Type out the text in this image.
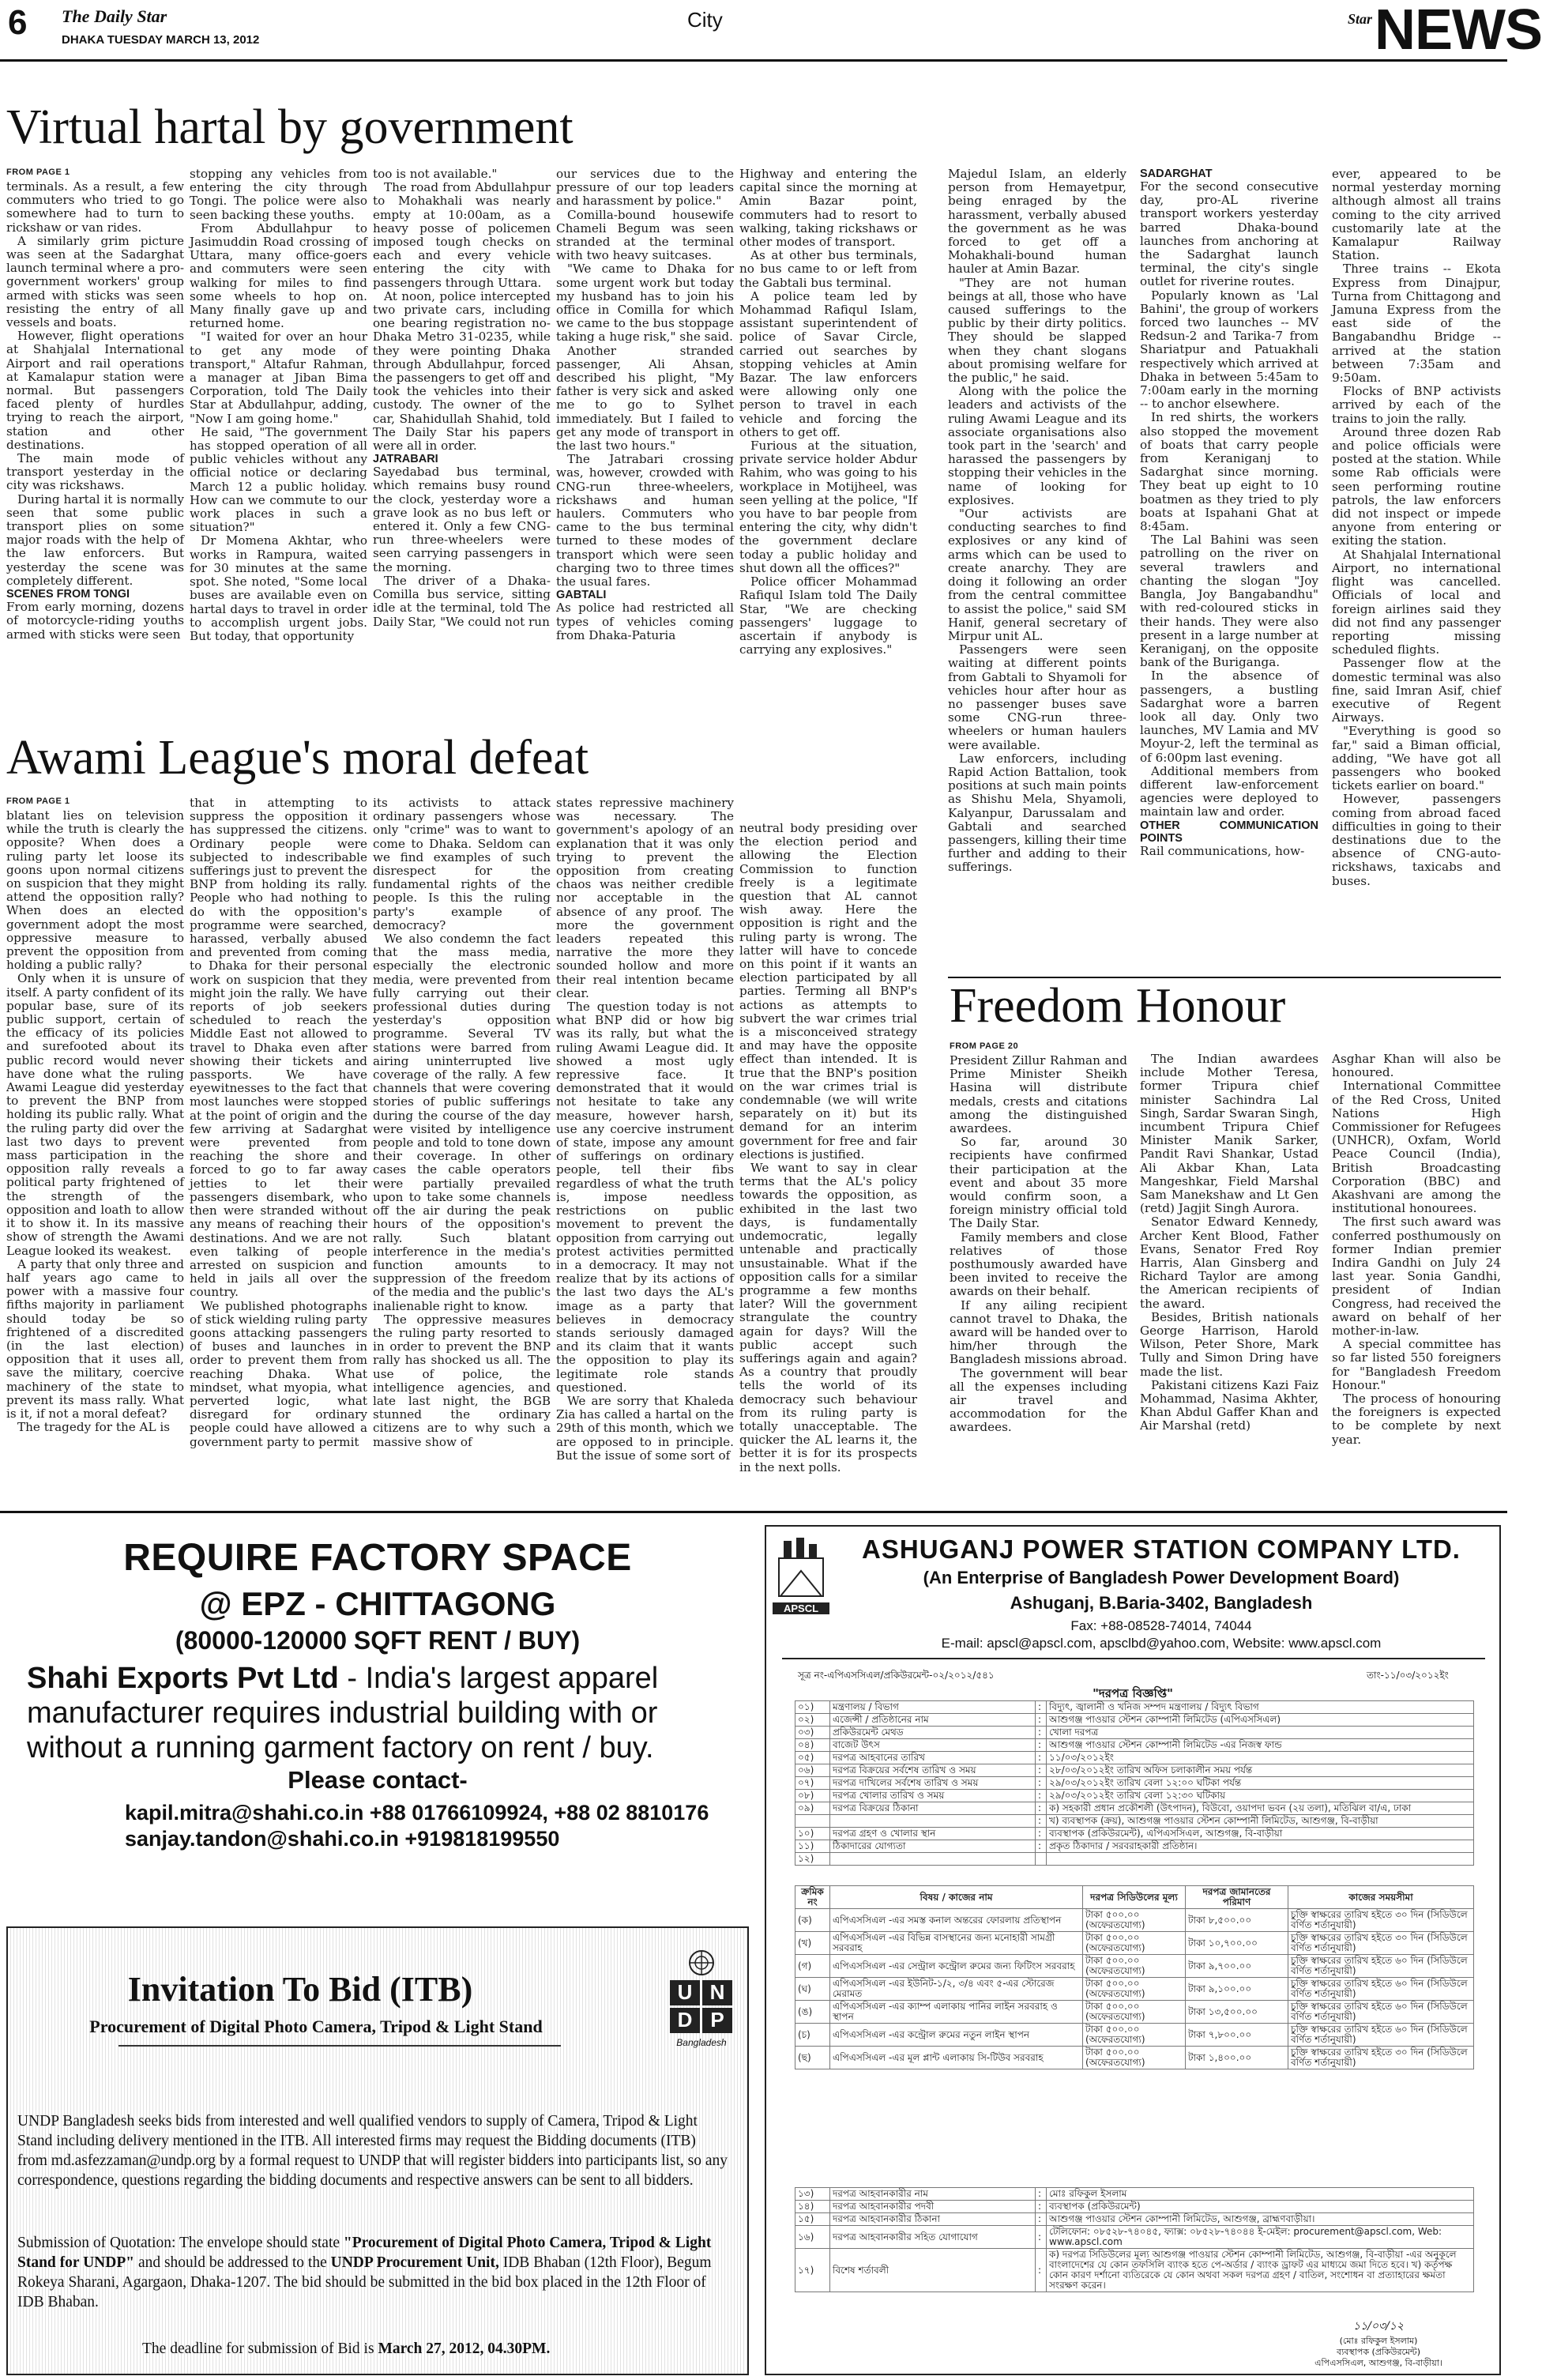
6 The Daily Star
DHAKA TUESDAY MARCH 13, 2012
City	Star NEWS
Virtual hartal by government
FROM PAGE 1

terminals. As a result, a few commuters who tried to go somewhere had to turn to rickshaw or van rides.

A similarly grim picture was seen at the Sadarghat launch terminal where a pro-government workers' group armed with sticks was seen resisting the entry of all vessels and boats.

However, flight operations at Shahjalal International Airport and rail operations at Kamalapur station were normal. But passengers faced plenty of hurdles trying to reach the airport, station and other destinations.

The main mode of transport yesterday in the city was rickshaws.

During hartal it is normally seen that some public transport plies on some major roads with the help of the law enforcers. But yesterday the scene was completely different.

SCENES FROM TONGI

From early morning, dozens of motorcycle-riding youths armed with sticks were seen

stopping any vehicles from entering the city through Tongi. The police were also seen backing these youths.

From Abdullahpur to Jasimuddin Road crossing of Uttara, many office-goers and commuters were seen walking for miles to find some wheels to hop on. Many finally gave up and returned home.

"I waited for over an hour to get any mode of transport," Altafur Rahman, a manager at Jiban Bima Corporation, told The Daily Star at Abdullahpur, adding, "Now I am going home."

He said, "The government has stopped operation of all public vehicles without any official notice or declaring March 12 a public holiday. How can we commute to our work places in such a situation?"

Dr Momena Akhtar, who works in Rampura, waited for 30 minutes at the same spot. She noted, "Some local buses are available even on hartal days to travel in order to accomplish urgent jobs. But today, that opportunity

too is not available."

The road from Abdullahpur to Mohakhali was nearly empty at 10:00am, as a heavy posse of policemen imposed tough checks on each and every vehicle entering the city with passengers through Uttara.

At noon, police intercepted two private cars, including one bearing registration no-Dhaka Metro 31-0235, while they were pointing Dhaka through Abdullahpur, forced the passengers to get off and took the vehicles into their custody. The owner of the car, Shahidullah Shahid, told The Daily Star his papers were all in order.

JATRABARI

Sayedabad bus terminal, which remains busy round the clock, yesterday wore a grave look as no bus left or entered it. Only a few CNG-run three-wheelers were seen carrying passengers in the morning.

The driver of a Dhaka-Comilla bus service, sitting idle at the terminal, told The Daily Star, "We could not run

our services due to the pressure of our top leaders and harassment by police."

Comilla-bound housewife Chameli Begum was seen stranded at the terminal with two heavy suitcases.

"We came to Dhaka for some urgent work but today my husband has to join his office in Comilla for which we came to the bus stoppage taking a huge risk," she said.

Another stranded passenger, Ali Ahsan, described his plight, "My father is very sick and asked me to go to Sylhet immediately. But I failed to get any mode of transport in the last two hours."

The Jatrabari crossing was, however, crowded with CNG-run three-wheelers, rickshaws and human haulers. Commuters who came to the bus terminal turned to these modes of transport which were seen charging two to three times the usual fares.

GABTALI

As police had restricted all types of vehicles coming from Dhaka-Paturia

Highway and entering the capital since the morning at Amin Bazar point, commuters had to resort to walking, taking rickshaws or other modes of transport.

As at other bus terminals, no bus came to or left from the Gabtali bus terminal.

A police team led by Mohammad Rafiqul Islam, assistant superintendent of police of Savar Circle, carried out searches by stopping vehicles at Amin Bazar. The law enforcers were allowing only one person to travel in each vehicle and forcing the others to get off.

Furious at the situation, private service holder Abdur Rahim, who was going to his workplace in Motijheel, was seen yelling at the police, "If you have to bar people from entering the city, why didn't the government declare today a public holiday and shut down all the offices?"

Police officer Mohammad Rafiqul Islam told The Daily Star, "We are checking passengers' luggage to ascertain if anybody is carrying any explosives."

Majedul Islam, an elderly person from Hemayetpur, being enraged by the harassment, verbally abused the government as he was forced to get off a Mohakhali-bound human hauler at Amin Bazar.

"They are not human beings at all, those who have caused sufferings to the public by their dirty politics. They should be slapped when they chant slogans about promising welfare for the public," he said.

Along with the police the leaders and activists of the ruling Awami League and its associate organisations also took part in the 'search' and harassed the passengers by stopping their vehicles in the name of looking for explosives.

"Our activists are conducting searches to find explosives or any kind of arms which can be used to create anarchy. They are doing it following an order from the central committee to assist the police," said SM Hanif, general secretary of Mirpur unit AL.

Passengers were seen waiting at different points from Gabtali to Shyamoli for vehicles hour after hour as no passenger buses save some CNG-run three-wheelers or human haulers were available.

Law enforcers, including Rapid Action Battalion, took positions at such main points as Shishu Mela, Shyamoli, Kalyanpur, Darussalam and Gabtali and searched passengers, killing their time further and adding to their sufferings.

SADARGHAT

For the second consecutive day, pro-AL riverine transport workers yesterday barred Dhaka-bound launches from anchoring at the Sadarghat launch terminal, the city's single outlet for riverine routes.

Popularly known as 'Lal Bahini', the group of workers forced two launches -- MV Redsun-2 and Tarika-7 from Shariatpur and Patuakhali respectively which arrived at Dhaka in between 5:45am to 7:00am early in the morning -- to anchor elsewhere.

In red shirts, the workers also stopped the movement of boats that carry people from Keraniganj to Sadarghat since morning. They beat up eight to 10 boatmen as they tried to ply boats at Ispahani Ghat at 8:45am.

The Lal Bahini was seen patrolling on the river on several trawlers and chanting the slogan "Joy Bangla, Joy Bangabandhu" with red-coloured sticks in their hands. They were also present in a large number at Keraniganj, on the opposite bank of the Buriganga.

In the absence of passengers, a bustling Sadarghat wore a barren look all day. Only two launches, MV Lamia and MV Moyur-2, left the terminal as of 6:00pm last evening.

Additional members from different law-enforcement agencies were deployed to maintain law and order.

OTHER COMMUNICATION POINTS

Rail communications, how-

ever, appeared to be normal yesterday morning although almost all trains coming to the city arrived customarily late at the Kamalapur Railway Station.

Three trains -- Ekota Express from Dinajpur, Turna from Chittagong and Jamuna Express from the east side of the Bangabandhu Bridge -- arrived at the station between 7:35am and 9:50am.

Flocks of BNP activists arrived by each of the trains to join the rally.

Around three dozen Rab and police officials were posted at the station. While some Rab officials were seen performing routine patrols, the law enforcers did not inspect or impede anyone from entering or exiting the station.

At Shahjalal International Airport, no international flight was cancelled. Officials of local and foreign airlines said they did not find any passenger reporting missing scheduled flights.

Passenger flow at the domestic terminal was also fine, said Imran Asif, chief executive of Regent Airways.

"Everything is good so far," said a Biman official, adding, "We have got all passengers who booked tickets earlier on board."

However, passengers coming from abroad faced difficulties in going to their destinations due to the absence of CNG-auto-rickshaws, taxicabs and buses.

Awami League's moral defeat
FROM PAGE 1

blatant lies on television while the truth is clearly the opposite? When does a ruling party let loose its goons upon normal citizens on suspicion that they might attend the opposition rally? When does an elected government adopt the most oppressive measure to prevent the opposition from holding a public rally?

Only when it is unsure of itself. A party confident of its popular base, sure of its public support, certain of the efficacy of its policies and surefooted about its public record would never have done what the ruling Awami League did yesterday to prevent the BNP from holding its public rally. What the ruling party did over the last two days to prevent mass participation in the opposition rally reveals a political party frightened of the strength of the opposition and loath to allow it to show it. In its massive show of strength the Awami League looked its weakest.

A party that only three and half years ago came to power with a massive four fifths majority in parliament should today be so frightened of a discredited (in the last election) opposition that it uses all, save the military, coercive machinery of the state to prevent its mass rally. What is it, if not a moral defeat?

The tragedy for the AL is

that in attempting to suppress the opposition it has suppressed the citizens. Ordinary people were subjected to indescribable sufferings just to prevent the BNP from holding its rally. People who had nothing to do with the opposition's programme were searched, harassed, verbally abused and prevented from coming to Dhaka for their personal work on suspicion that they might join the rally. We have reports of job seekers scheduled to reach the Middle East not allowed to travel to Dhaka even after showing their tickets and passports. We have eyewitnesses to the fact that most launches were stopped at the point of origin and the few arriving at Sadarghat were prevented from reaching the shore and forced to go to far away jetties to let their passengers disembark, who then were stranded without any means of reaching their destinations. And we are not even talking of people arrested on suspicion and held in jails all over the country.

We published photographs of stick wielding ruling party goons attacking passengers of buses and launches in order to prevent them from reaching Dhaka. What mindset, what myopia, what perverted logic, what disregard for ordinary people could have allowed a government party to permit

its activists to attack ordinary passengers whose only "crime" was to want to come to Dhaka. Seldom can we find examples of such disrespect for the fundamental rights of the people. Is this the ruling party's example of democracy?

We also condemn the fact that the mass media, especially the electronic media, were prevented from fully carrying out their professional duties during yesterday's opposition programme. Several TV stations were barred from airing uninterrupted live coverage of the rally. A few channels that were covering stories of public sufferings during the course of the day were visited by intelligence people and told to tone down their coverage. In other cases the cable operators were partially prevailed upon to take some channels off the air during the peak hours of the opposition's rally. Such blatant interference in the media's function amounts to suppression of the freedom of the media and the public's inalienable right to know.

The oppressive measures the ruling party resorted to in order to prevent the BNP rally has shocked us all. The use of police, the intelligence agencies, and late last night, the BGB stunned the ordinary citizens are to why such a massive show of

states repressive machinery was necessary. The government's apology of an explanation that it was only trying to prevent the opposition from creating chaos was neither credible nor acceptable in the absence of any proof. The more the government leaders repeated this narrative the more they sounded hollow and more their real intention became clear.

The question today is not what BNP did or how big was its rally, but what the ruling Awami League did. It showed a most ugly repressive face. It demonstrated that it would not hesitate to take any measure, however harsh, use any coercive instrument of state, impose any amount of sufferings on ordinary people, tell their fibs regardless of what the truth is, impose needless restrictions on public movement to prevent the opposition from carrying out protest activities permitted in a democracy. It may not realize that by its actions of the last two days the AL's image as a party that believes in democracy stands seriously damaged and its claim that it wants the opposition to play its legitimate role stands questioned.

We are sorry that Khaleda Zia has called a hartal on the 29th of this month, which we are opposed to in principle. But the issue of some sort of

neutral body presiding over the election period and allowing the Election Commission to function freely is a legitimate question that AL cannot wish away. Here the opposition is right and the ruling party is wrong. The latter will have to concede on this point if it wants an election participated by all parties. Terming all BNP's actions as attempts to subvert the war crimes trial is a misconceived strategy and may have the opposite effect than intended. It is true that the BNP's position on the war crimes trial is condemnable (we will write separately on it) but its demand for an interim government for free and fair elections is justified.

We want to say in clear terms that the AL's policy towards the opposition, as exhibited in the last two days, is fundamentally undemocratic, legally untenable and practically unsustainable. What if the opposition calls for a similar programme a few months later? Will the government strangulate the country again for days? Will the public accept such sufferings again and again? As a country that proudly tells the world of its democracy such behaviour from its ruling party is totally unacceptable. The quicker the AL learns it, the better it is for its prospects in the next polls.

Freedom Honour
FROM PAGE 20

President Zillur Rahman and Prime Minister Sheikh Hasina will distribute medals, crests and citations among the distinguished awardees.

So far, around 30 recipients have confirmed their participation at the event and about 35 more would confirm soon, a foreign ministry official told The Daily Star.

Family members and close relatives of those posthumously awarded have been invited to receive the awards on their behalf.

If any ailing recipient cannot travel to Dhaka, the award will be handed over to him/her through the Bangladesh missions abroad.

The government will bear all the expenses including air travel and accommodation for the awardees.

The Indian awardees include Mother Teresa, former Tripura chief minister Sachindra Lal Singh, Sardar Swaran Singh, incumbent Tripura Chief Minister Manik Sarker, Pandit Ravi Shankar, Ustad Ali Akbar Khan, Lata Mangeshkar, Field Marshal Sam Manekshaw and Lt Gen (retd) Jagjit Singh Aurora.

Senator Edward Kennedy, Archer Kent Blood, Father Evans, Senator Fred Roy Harris, Alan Ginsberg and Richard Taylor are among the American recipients of the award.

Besides, British nationals George Harrison, Harold Wilson, Peter Shore, Mark Tully and Simon Dring have made the list.

Pakistani citizens Kazi Faiz Mohammad, Nasima Akhter, Khan Abdul Gaffer Khan and Air Marshal (retd)

Asghar Khan will also be honoured.

International Committee of the Red Cross, United Nations High Commissioner for Refugees (UNHCR), Oxfam, World Peace Council (India), British Broadcasting Corporation (BBC) and Akashvani are among the institutional honourees.

The first such award was conferred posthumously on former Indian premier Indira Gandhi on July 24 last year. Sonia Gandhi, president of Indian Congress, had received the award on behalf of her mother-in-law.

A special committee has so far listed 550 foreigners for "Bangladesh Freedom Honour."

The process of honouring the foreigners is expected to be complete by next year.

REQUIRE FACTORY SPACE
@ EPZ - CHITTAGONG
(80000-120000 SQFT RENT / BUY)
Shahi Exports Pvt Ltd - India's largest apparel manufacturer requires industrial building with or without a running garment factory on rent / buy.
Please contact-
kapil.mitra@shahi.co.in +88 01766109924, +88 02 8810176
sanjay.tandon@shahi.co.in +919818199550
Invitation To Bid (ITB)
Procurement of Digital Photo Camera, Tripod & Light Stand
U N
D P
Bangladesh
UNDP Bangladesh seeks bids from interested and well qualified vendors to supply of Camera, Tripod & Light Stand including delivery mentioned in the ITB. All interested firms may request the Bidding documents (ITB) from md.asfezzaman@undp.org by a formal request to UNDP that will register bidders into participants list, so any correspondence, questions regarding the bidding documents and respective answers can be sent to all bidders.
Submission of Quotation: The envelope should state "Procurement of Digital Photo Camera, Tripod & Light Stand for UNDP" and should be addressed to the UNDP Procurement Unit, IDB Bhaban (12th Floor), Begum Rokeya Sharani, Agargaon, Dhaka-1207. The bid should be submitted in the bid box placed in the 12th Floor of IDB Bhaban.
The deadline for submission of Bid is March 27, 2012, 04.30PM.
APSCL
ASHUGANJ POWER STATION COMPANY LTD.
(An Enterprise of Bangladesh Power Development Board)
Ashuganj, B.Baria-3402, Bangladesh
Fax: +88-08528-74014, 74044
E-mail: apscl@apscl.com, apsclbd@yahoo.com, Website: www.apscl.com
সূত্র নং-এপিএসসিএল/প্রকিউরমেন্ট-০২/২০১২/৫৪১	তাং-১১/০৩/২০১২ইং
"দরপত্র বিজ্ঞপ্তি"
০১)	মন্ত্রণালয় / বিভাগ	:	বিদ্যুৎ, জ্বালানী ও খনিজ সম্পদ মন্ত্রণালয় / বিদ্যুৎ বিভাগ
০২)	এজেন্সী / প্রতিষ্ঠানের নাম	:	আশুগঞ্জ পাওয়ার স্টেশন কোম্পানী লিমিটেড (এপিএসসিএল)
০৩)	প্রকিউরমেন্ট মেথড	:	খোলা দরপত্র
০৪)	বাজেট উৎস	:	আশুগঞ্জ পাওয়ার স্টেশন কোম্পানী লিমিটেড -এর নিজস্ব ফান্ড
০৫)	দরপত্র আহবানের তারিখ	:	১১/০৩/২০১২ইং
০৬)	দরপত্র বিক্রয়ের সর্বশেষ তারিখ ও সময়	:	২৮/০৩/২০১২ইং তারিখ অফিস চলাকালীন সময় পর্যন্ত
০৭)	দরপত্র দাখিলের সর্বশেষ তারিখ ও সময়	:	২৯/০৩/২০১২ইং তারিখ বেলা ১২:০০ ঘটিকা পর্যন্ত
০৮)	দরপত্র খোলার তারিখ ও সময়	:	২৯/০৩/২০১২ইং তারিখ বেলা ১২:৩০ ঘটিকায়
০৯)	দরপত্র বিক্রয়ের ঠিকানা	:	ক) সহকারী প্রধান প্রকৌশলী (উৎপাদন), বিউবো, ওয়াপদা ভবন (২য় তলা), মতিঝিল বা/এ, ঢাকা
		:	খ) ব্যবস্থাপক (ক্রয়), আশুগঞ্জ পাওয়ার স্টেশন কোম্পানী লিমিটেড, আশুগঞ্জ, বি-বাড়ীয়া
১০)	দরপত্র গ্রহণ ও খোলার স্থান	:	ব্যবস্থাপক (প্রকিউরমেন্ট), এপিএসসিএল, আশুগঞ্জ, বি-বাড়ীয়া
১১)	ঠিকাদারের যোগ্যতা	:	প্রকৃত ঠিকাদার / সরবরাহকারী প্রতিষ্ঠান।
১২)			
ক্রমিক নং	বিষয় / কাজের নাম	দরপত্র সিডিউলের মূল্য	দরপত্র জামানতের পরিমাণ	কাজের সময়সীমা
(ক)	এপিএসসিএল -এর সমস্ত কনাল অন্তরের ফোরলায় প্রতিস্থাপন	টাকা ৫০০.০০ (অফেরতযোগ্য)	টাকা ৮,৫০০.০০	চুক্তি স্বাক্ষরের তারিখ হইতে ৩০ দিন (সিডিউলে বর্ণিত শর্তানুযায়ী)
(খ)	এপিএসসিএল -এর বিভিন্ন বাসস্থানের জন্য মনোহারী সামগ্রী সরবরাহ	টাকা ৫০০.০০ (অফেরতযোগ্য)	টাকা ১০,৭০০.০০	চুক্তি স্বাক্ষরের তারিখ হইতে ৩০ দিন (সিডিউলে বর্ণিত শর্তানুযায়ী)
(গ)	এপিএসসিএল -এর সেন্ট্রাল কন্ট্রোল রুমের জন্য ফিটিংস সরবরাহ	টাকা ৫০০.০০ (অফেরতযোগ্য)	টাকা ৯,৭০০.০০	চুক্তি স্বাক্ষরের তারিখ হইতে ৬০ দিন (সিডিউলে বর্ণিত শর্তানুযায়ী)
(ঘ)	এপিএসসিএল -এর ইউনিট-১/২, ৩/৪ এবং ৫-এর স্টোরেজ মেরামত	টাকা ৫০০.০০ (অফেরতযোগ্য)	টাকা ৯,১০০.০০	চুক্তি স্বাক্ষরের তারিখ হইতে ৬০ দিন (সিডিউলে বর্ণিত শর্তানুযায়ী)
(ঙ)	এপিএসসিএল -এর ক্যাম্প এলাকায় পানির লাইন সরবরাহ ও স্থাপন	টাকা ৫০০.০০ (অফেরতযোগ্য)	টাকা ১৩,৫০০.০০	চুক্তি স্বাক্ষরের তারিখ হইতে ৬০ দিন (সিডিউলে বর্ণিত শর্তানুযায়ী)
(চ)	এপিএসসিএল -এর কন্ট্রোল রুমের নতুন লাইন স্থাপন	টাকা ৫০০.০০ (অফেরতযোগ্য)	টাকা ৭,৮০০.০০	চুক্তি স্বাক্ষরের তারিখ হইতে ৬০ দিন (সিডিউলে বর্ণিত শর্তানুযায়ী)
(ছ)	এপিএসসিএল -এর মূল প্লান্ট এলাকায় সি-টিউব সরবরাহ	টাকা ৫০০.০০ (অফেরতযোগ্য)	টাকা ১,৪০০.০০	চুক্তি স্বাক্ষরের তারিখ হইতে ৩০ দিন (সিডিউলে বর্ণিত শর্তানুযায়ী)
১৩)	দরপত্র আহবানকারীর নাম	:	মোঃ রফিকুল ইসলাম
১৪)	দরপত্র আহবানকারীর পদবী	:	ব্যবস্থাপক (প্রকিউরমেন্ট)
১৫)	দরপত্র আহবানকারীর ঠিকানা	:	আশুগঞ্জ পাওয়ার স্টেশন কোম্পানী লিমিটেড, আশুগঞ্জ, ব্রাহ্মণবাড়ীয়া।
১৬)	দরপত্র আহবানকারীর সহিত যোগাযোগ	:	টেলিফোন: ০৮৫২৮-৭৪০৪৫, ফ্যাক্স: ০৮৫২৮-৭৪০৪৪ ই-মেইল: procurement@apscl.com, Web: www.apscl.com
১৭)	বিশেষ শর্তাবলী	:	ক) দরপত্র সিডিউলের মূল্য আশুগঞ্জ পাওয়ার স্টেশন কোম্পানী লিমিটেড, আশুগঞ্জ, বি-বাড়ীয়া -এর অনুকূলে বাংলাদেশের যে কোন তফসিলি ব্যাংক হতে পে-অর্ডার / ব্যাংক ড্রাফট এর মাধ্যমে জমা দিতে হবে। খ) কর্তৃপক্ষ কোন কারণ দর্শানো ব্যতিরেকে যে কোন অথবা সকল দরপত্র গ্রহণ / বাতিল, সংশোধন বা প্রত্যাহারের ক্ষমতা সংরক্ষণ করেন।
১১/০৩/১২
(মোঃ রফিকুল ইসলাম)
ব্যবস্থাপক (প্রকিউরমেন্ট)
এপিএসসিএল, আশুগঞ্জ, বি-বাড়ীয়া।
